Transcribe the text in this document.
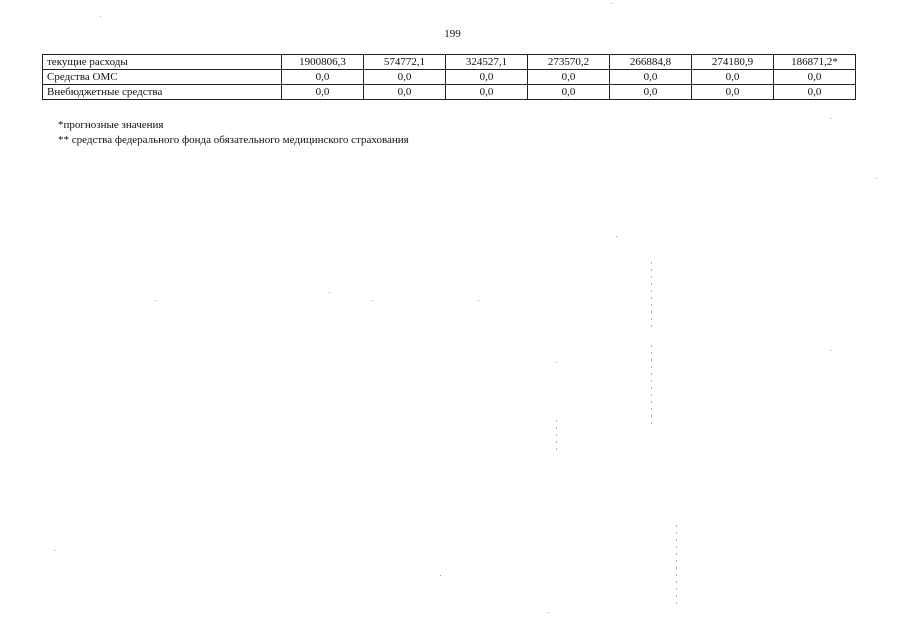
199
текущие расходы	1900806,3	574772,1	324527,1	273570,2	266884,8	274180,9	186871,2*
Средства ОМС	0,0	0,0	0,0	0,0	0,0	0,0	0,0
Внебюджетные средства	0,0	0,0	0,0	0,0	0,0	0,0	0,0
*прогнозные значения
** средства федерального фонда обязательного медицинского страхования
